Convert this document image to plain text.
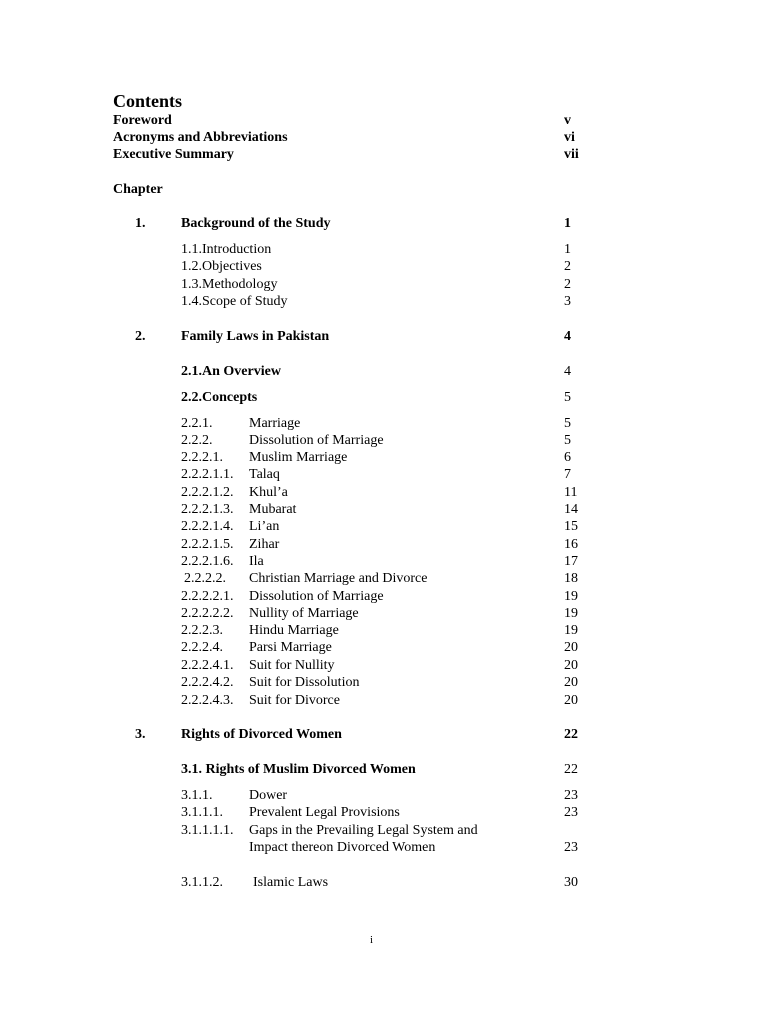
Contents
Foreword	v
Acronyms and Abbreviations	vi
Executive Summary	vii
Chapter
1.	Background of the Study	1
1.1.Introduction	1
1.2.Objectives	2
1.3.Methodology	2
1.4.Scope of Study	3
2.	Family Laws in Pakistan	4
2.1.An Overview	4
2.2.Concepts	5
2.2.1.	Marriage	5
2.2.2.	Dissolution of Marriage	5
2.2.2.1. Muslim Marriage	6
2.2.2.1.1. Talaq	7
2.2.2.1.2. Khul’a	11
2.2.2.1.3. Mubarat	14
2.2.2.1.4. Li’an	15
2.2.2.1.5. Zihar	16
2.2.2.1.6. Ila	17
2.2.2.2. Christian Marriage and Divorce	18
2.2.2.2.1. Dissolution of Marriage	19
2.2.2.2.2. Nullity of Marriage	19
2.2.2.3. Hindu Marriage	19
2.2.2.4. Parsi Marriage	20
2.2.2.4.1. Suit for Nullity	20
2.2.2.4.2. Suit for Dissolution	20
2.2.2.4.3. Suit for Divorce	20
3.	Rights of Divorced Women	22
3.1. Rights of Muslim Divorced Women	22
3.1.1.	Dower	23
3.1.1.1. Prevalent Legal Provisions	23
3.1.1.1.1. Gaps in the Prevailing Legal System and
Impact thereon Divorced Women	23
3.1.1.2. Islamic Laws	30
i
